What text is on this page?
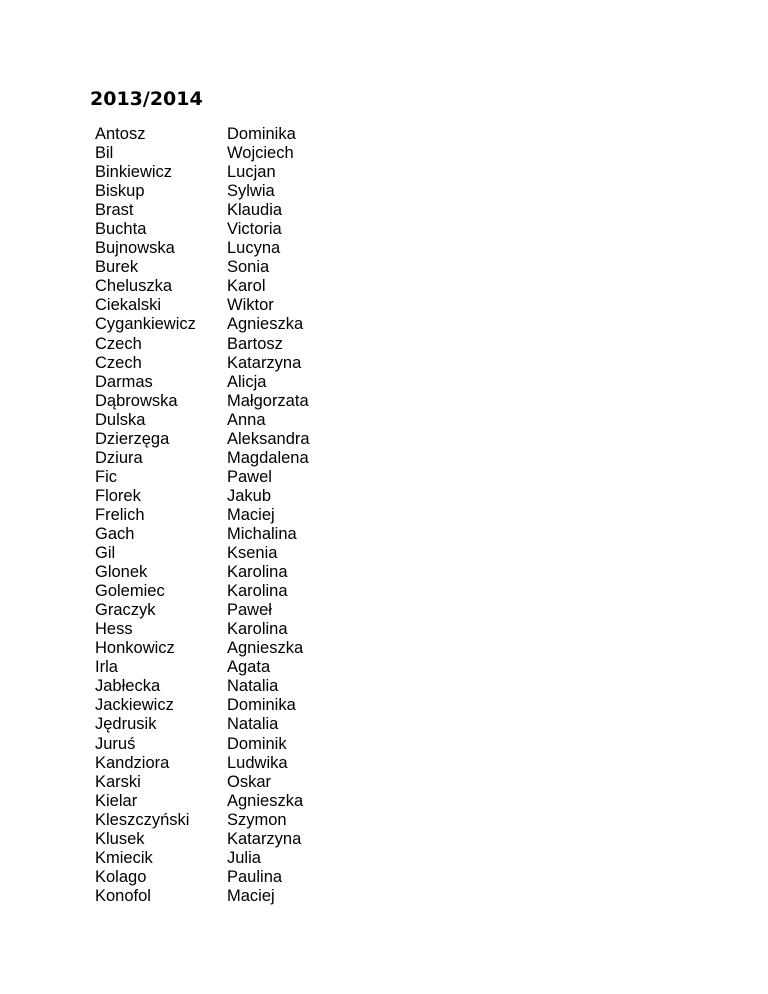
2013/2014
Antosz	Dominika
Bil	Wojciech
Binkiewicz	Lucjan
Biskup	Sylwia
Brast	Klaudia
Buchta	Victoria
Bujnowska	Lucyna
Burek	Sonia
Cheluszka	Karol
Ciekalski	Wiktor
Cygankiewicz	Agnieszka
Czech	Bartosz
Czech	Katarzyna
Darmas	Alicja
Dąbrowska	Małgorzata
Dulska	Anna
Dzierzęga	Aleksandra
Dziura	Magdalena
Fic	Pawel
Florek	Jakub
Frelich	Maciej
Gach	Michalina
Gil	Ksenia
Glonek	Karolina
Golemiec	Karolina
Graczyk	Paweł
Hess	Karolina
Honkowicz	Agnieszka
Irla	Agata
Jabłecka	Natalia
Jackiewicz	Dominika
Jędrusik	Natalia
Juruś	Dominik
Kandziora	Ludwika
Karski	Oskar
Kielar	Agnieszka
Kleszczyński	Szymon
Klusek	Katarzyna
Kmiecik	Julia
Kolago	Paulina
Konofol	Maciej
